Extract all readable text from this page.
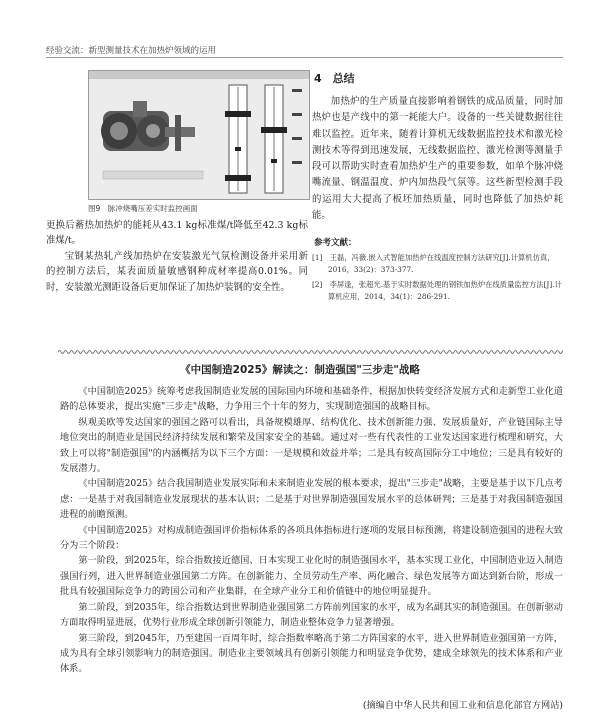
经验交流：新型测量技术在加热炉领域的运用
图9　脉冲烧嘴压差实时监控画面

更换后蓄热加热炉的能耗从43.1 kg标准煤/t降低至42.3 kg标准煤/t。

宝钢某热轧产线加热炉在安装激光气氛检测设备并采用新的控制方法后，某表面质量敏感钢种成材率提高0.01%。同时，安装激光测距设备后更加保证了加热炉装钢的安全性。

4　总结

加热炉的生产质量直接影响着钢铁的成品质量，同时加热炉也是产线中的第一耗能大户。设备的一些关键数据往往难以监控。近年来，随着计算机无线数据监控技术和激光检测技术等得到迅速发展，无线数据监控、激光检测等测量手段可以帮助实时查看加热炉生产的重要参数，如单个脉冲烧嘴流量、钢温温度、炉内加热段气氛等。这些新型检测手段的运用大大提高了板坯加热质量，同时也降低了加热炉耗能。

参考文献：

[1]　王磊，冯薇.嵌入式智能加热炉在线温度控制方法研究[J].计算机仿真，2016，33(2)：373-377.

[2]　李屏逢，张超光.基于实时数据处理的钢铁加热炉在线质量监控方法[J].计算机应用，2014，34(1)：286-291.

《中国制造2025》解读之：制造强国"三步走"战略

《中国制造2025》统筹考虑我国制造业发展的国际国内环境和基础条件，根据加快转变经济发展方式和走新型工业化道路的总体要求，提出实施"三步走"战略，力争用三个十年的努力，实现制造强国的战略目标。

纵观美欧等发达国家的强国之路可以看出，具备规模雄厚、结构优化、技术创新能力强、发展质量好，产业链国际主导地位突出的制造业是国民经济持续发展和繁荣及国家安全的基础。通过对一些有代表性的工业发达国家进行梳理和研究，大致上可以将"制造强国"的内涵概括为以下三个方面：一是规模和效益并举；二是具有较高国际分工中地位；三是具有较好的发展潜力。

《中国制造2025》结合我国制造业发展实际和未来制造业发展的根本要求，提出"三步走"战略，主要是基于以下几点考虑：一是基于对我国制造业发展现状的基本认识；二是基于对世界制造强国发展水平的总体研判；三是基于对我国制造强国进程的前瞻预测。

《中国制造2025》对构成制造强国评价指标体系的各项具体指标进行逐项的发展目标预测，将建设制造强国的进程大致分为三个阶段：

第一阶段，到2025年，综合指数接近德国、日本实现工业化时的制造强国水平，基本实现工业化，中国制造业迈入制造强国行列，进入世界制造业强国第二方阵。在创新能力、全员劳动生产率、两化融合、绿色发展等方面达到新台阶，形成一批具有较强国际竞争力的跨国公司和产业集群，在全球产业分工和价值链中的地位明显提升。

第二阶段，到2035年，综合指数达到世界制造业强国第二方阵前列国家的水平，成为名副其实的制造强国。在创新驱动方面取得明显进展，优势行业形成全球创新引领能力，制造业整体竞争力显著增强。

第三阶段，到2045年，乃至建国一百周年时，综合指数率略高于第二方阵国家的水平，进入世界制造业强国第一方阵，成为具有全球引领影响力的制造强国。制造业主要领域具有创新引领能力和明显竞争优势，建成全球领先的技术体系和产业体系。

(摘编自中华人民共和国工业和信息化部官方网站)
